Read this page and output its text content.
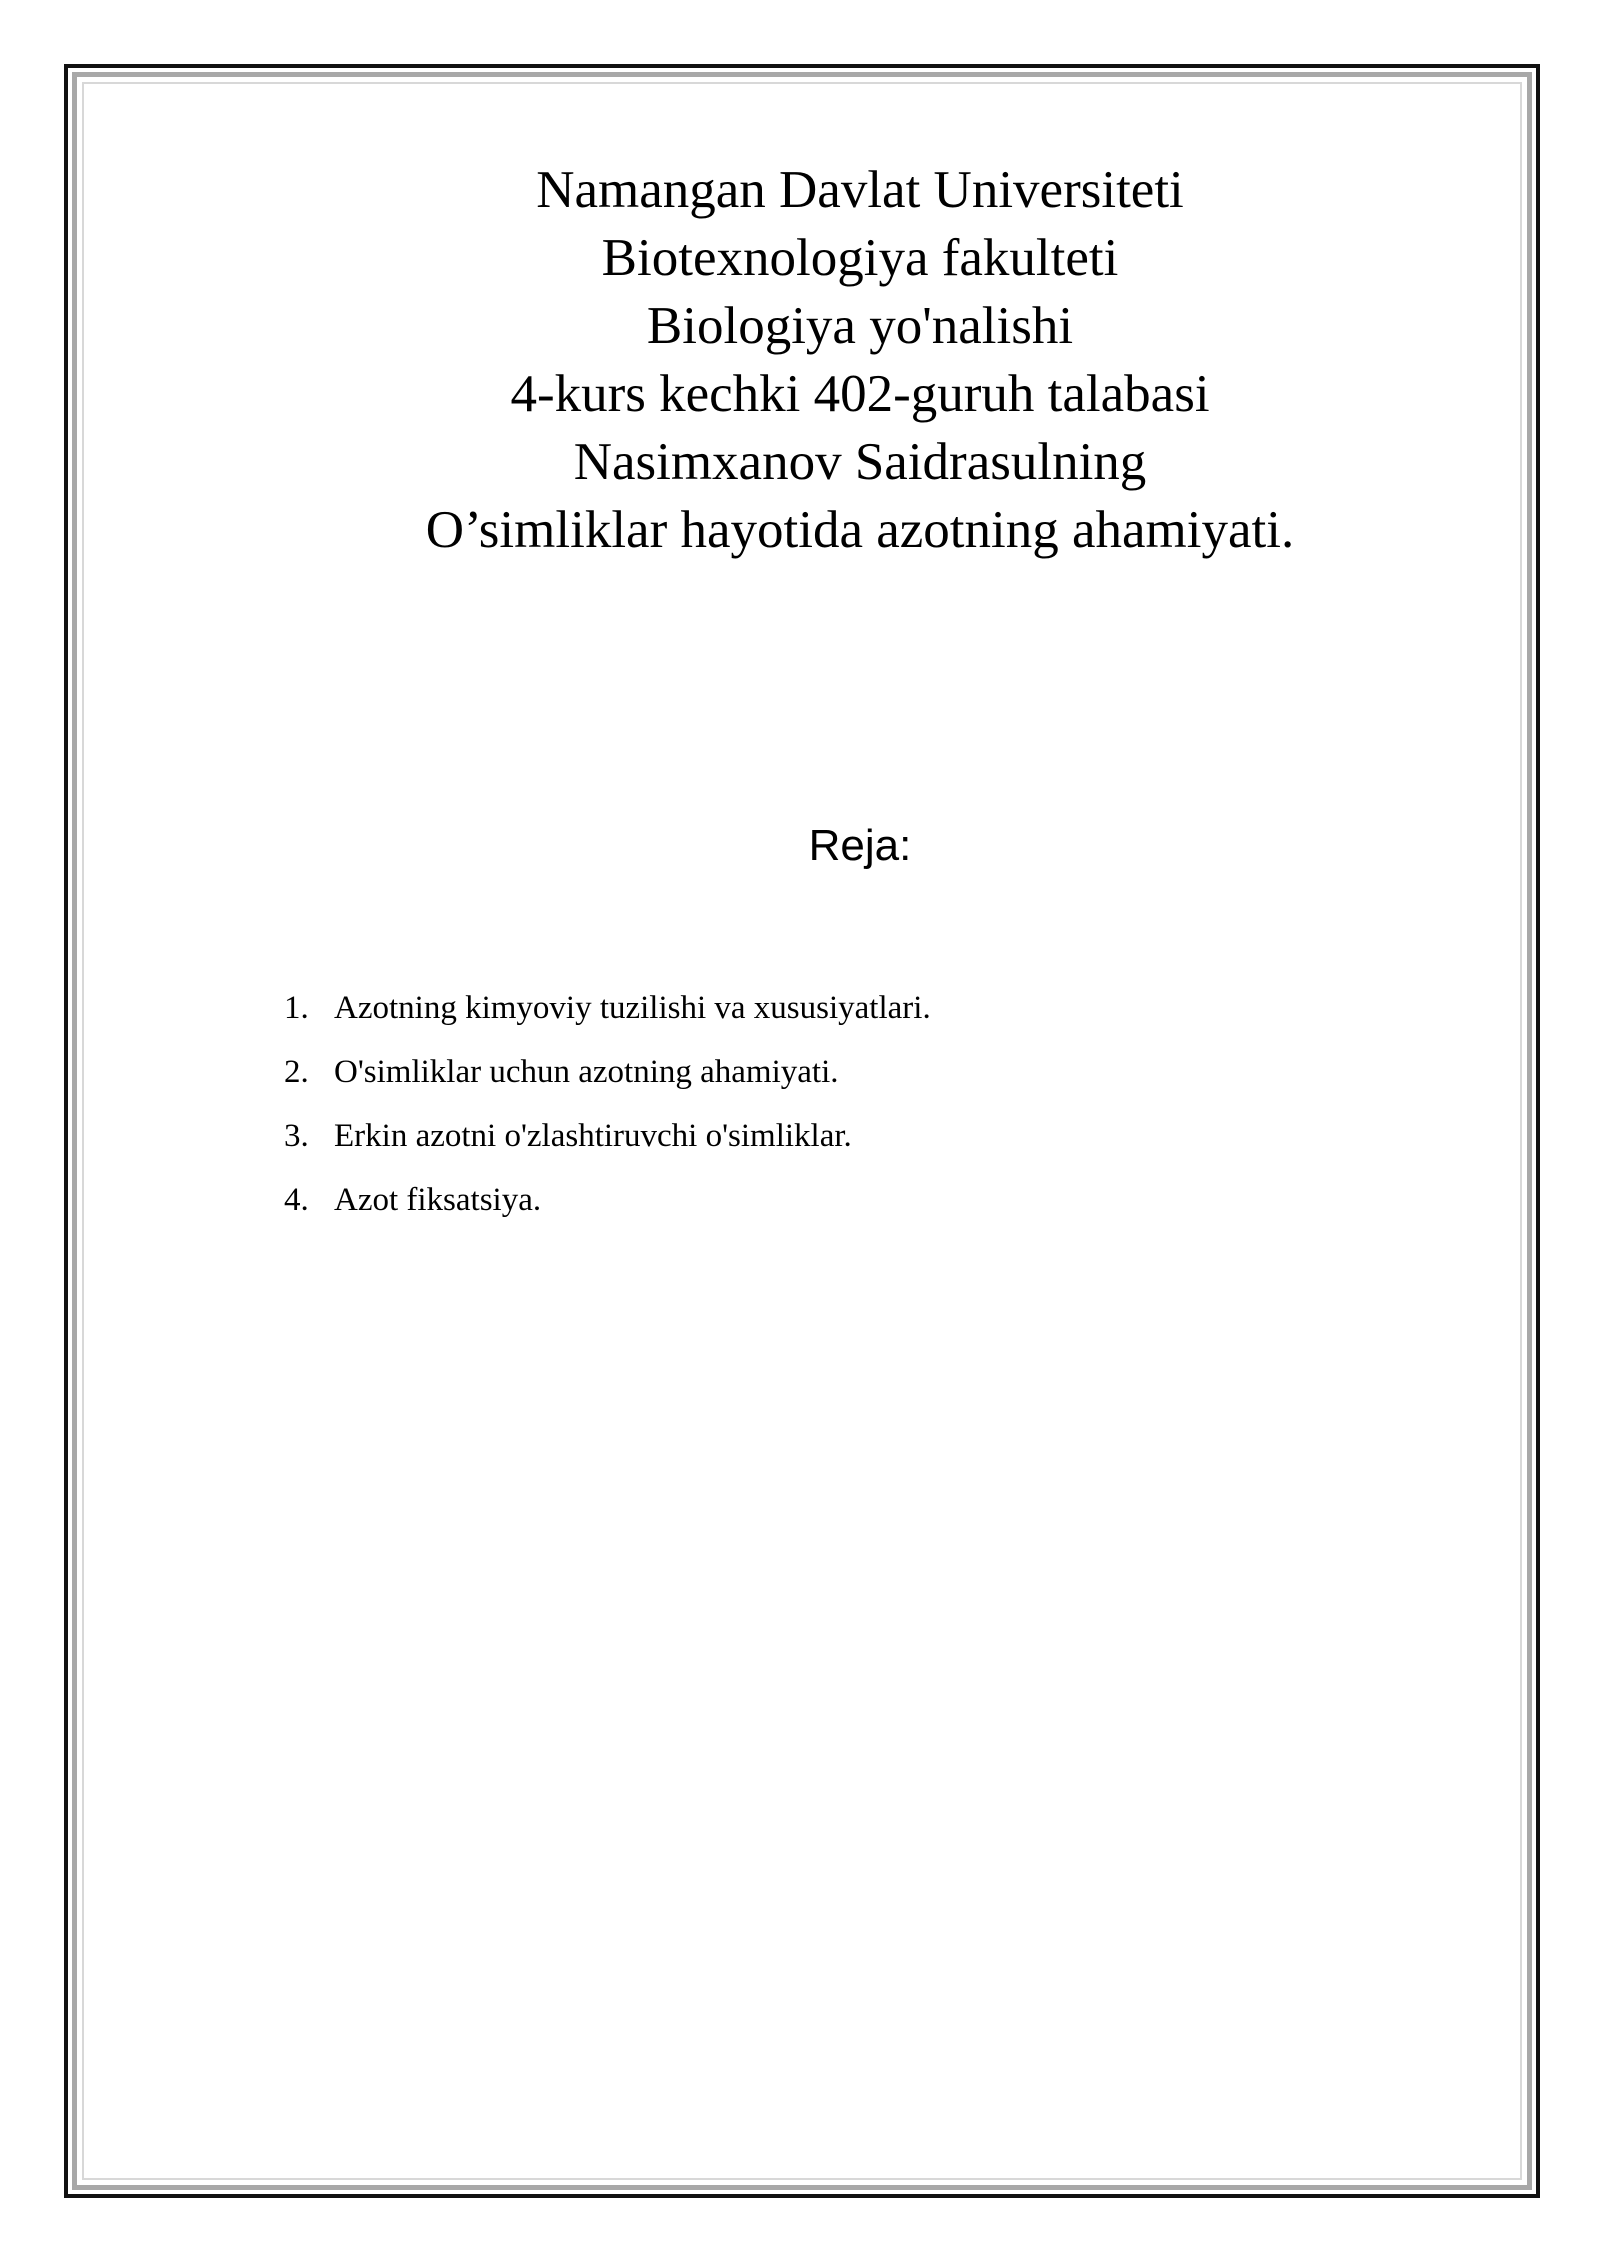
Namangan Davlat Universiteti
Biotexnologiya fakulteti
Biologiya yo'nalishi
4-kurs kechki 402-guruh talabasi
Nasimxanov Saidrasulning
O’simliklar hayotida azotning ahamiyati.
Reja:
1. Azotning kimyoviy tuzilishi va xususiyatlari.
2. O'simliklar uchun azotning ahamiyati.
3. Erkin azotni o'zlashtiruvchi o'simliklar.
4. Azot fiksatsiya.
